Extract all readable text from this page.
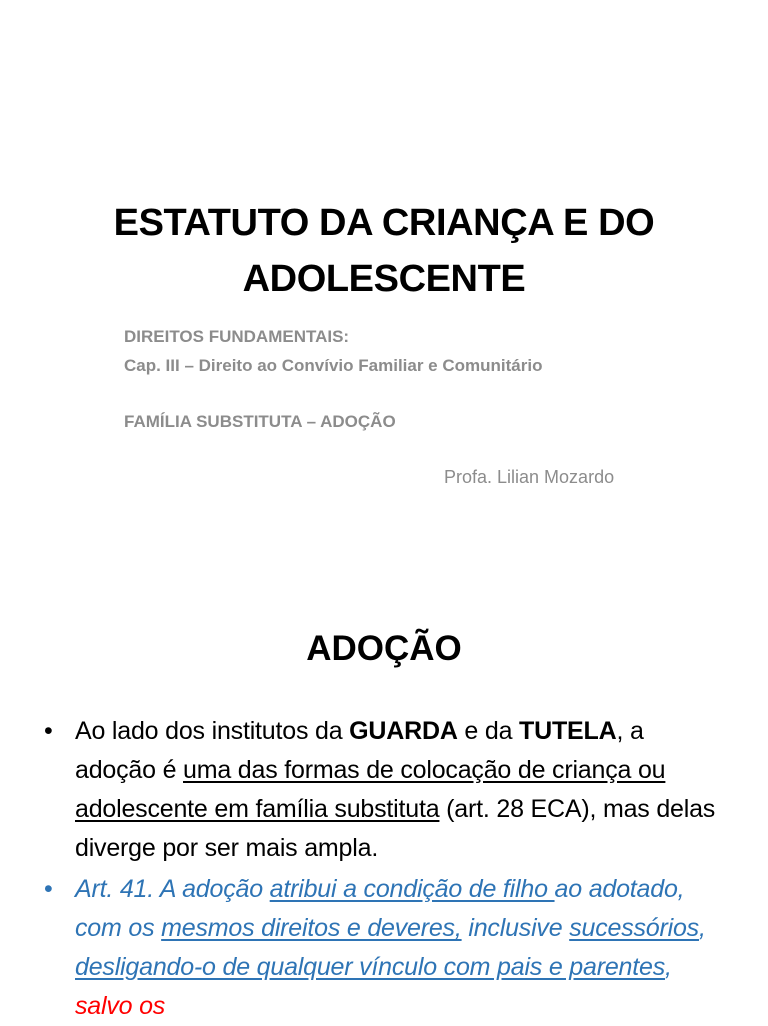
ESTATUTO DA CRIANÇA E DO
ADOLESCENTE
DIREITOS FUNDAMENTAIS:
Cap. III – Direito ao Convívio Familiar e Comunitário
FAMÍLIA SUBSTITUTA – ADOÇÃO
Profa. Lilian Mozardo
ADOÇÃO

• Ao lado dos institutos da GUARDA e da TUTELA, a adoção é uma das formas de colocação de criança ou adolescente em família substituta (art. 28 ECA), mas delas diverge por ser mais ampla.

• Art. 41. A adoção atribui a condição de filho ao adotado, com os mesmos direitos e deveres, inclusive sucessórios, desligando-o de qualquer vínculo com pais e parentes, salvo os
